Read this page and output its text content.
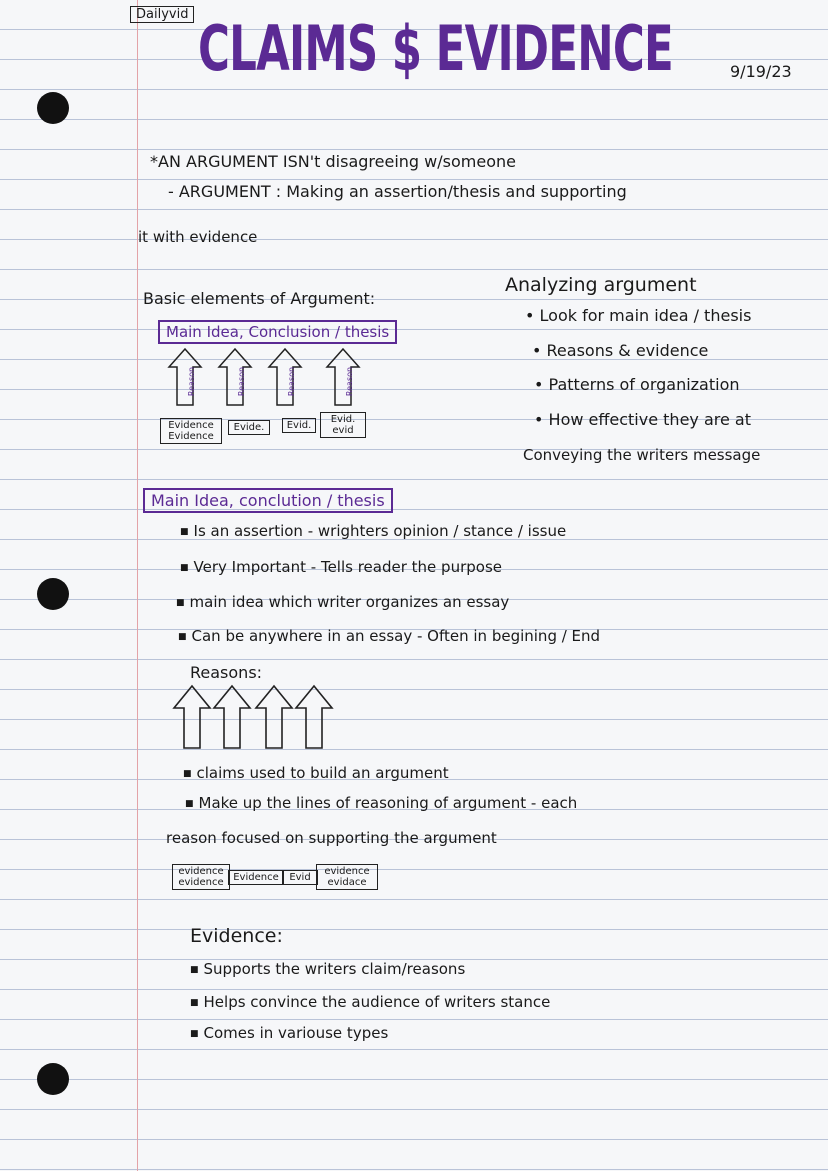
Dailyvid CLAIMS $ EVIDENCE	9/19/23
*AN ARGUMENT ISN't disagreeing w/someone
- ARGUMENT : Making an assertion/thesis and supporting
it with evidence
Basic elements of Argument:
Main Idea, Conclusion / thesis
Reason	Reason	Reason	Reason
Evidence Evidence
Evide.	Evid.
Evid. evid
Analyzing argument
• Look for main idea / thesis
• Reasons & evidence
• Patterns of organization
• How effective they are at
Conveying the writers message
Main Idea, conclution / thesis
■ Is an assertion - wrighters opinion / stance / issue
■ Very Important - Tells reader the purpose
■ main idea which writer organizes an essay
■ Can be anywhere in an essay - Often in begining / End
Reasons:
■ claims used to build an argument
■ Make up the lines of reasoning of argument - each
reason focused on supporting the argument
evidence evidence Evidence	Evid
evidence evidace
Evidence:
■ Supports the writers claim/reasons
■ Helps convince the audience of writers stance
■ Comes in variouse types
